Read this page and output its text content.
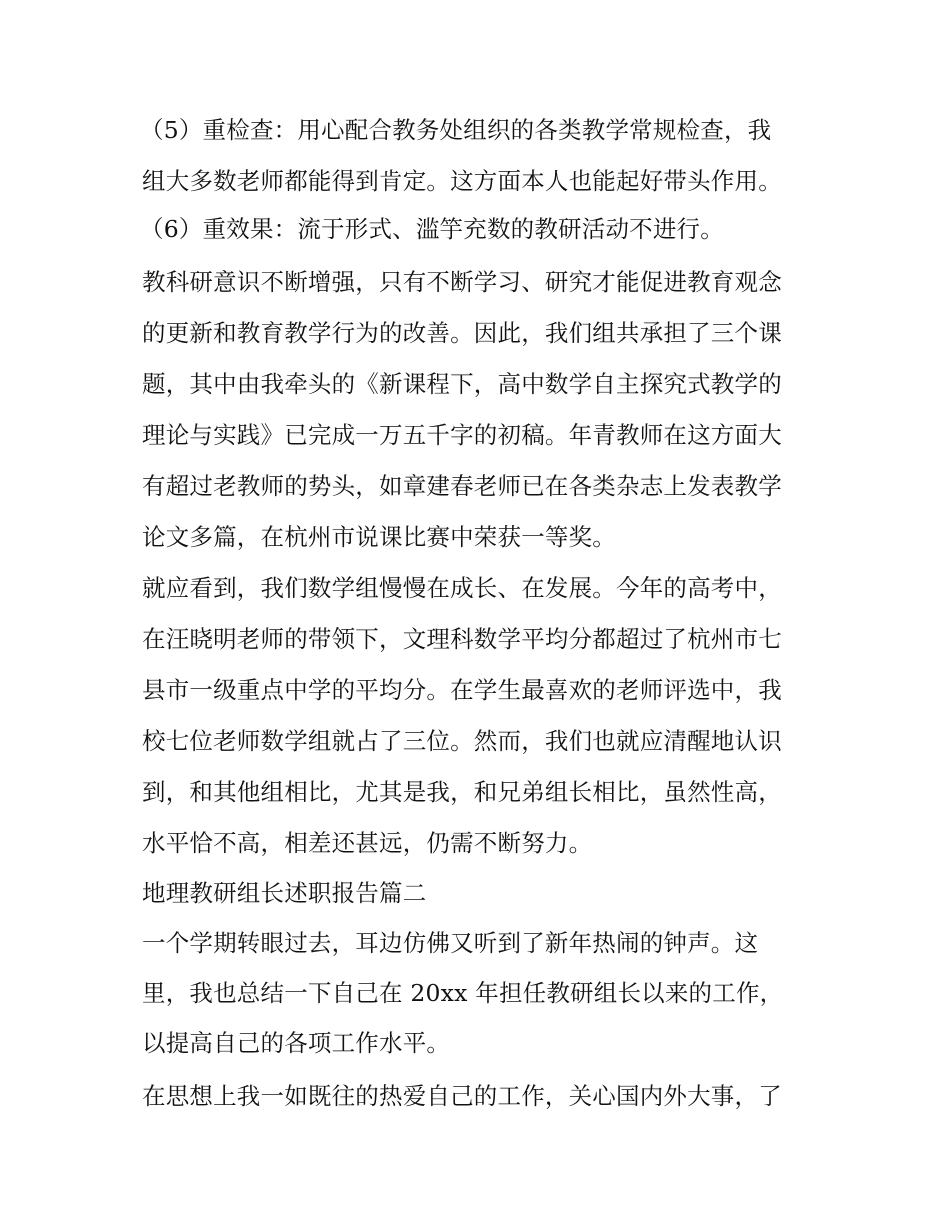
（5）重检查：用心配合教务处组织的各类教学常规检查，我
组大多数老师都能得到肯定。这方面本人也能起好带头作用。
（6）重效果：流于形式、滥竽充数的教研活动不进行。
教科研意识不断增强，只有不断学习、研究才能促进教育观念
的更新和教育教学行为的改善。因此，我们组共承担了三个课
题，其中由我牵头的《新课程下，高中数学自主探究式教学的
理论与实践》已完成一万五千字的初稿。年青教师在这方面大
有超过老教师的势头，如章建春老师已在各类杂志上发表教学
论文多篇，在杭州市说课比赛中荣获一等奖。
就应看到，我们数学组慢慢在成长、在发展。今年的高考中，
在汪晓明老师的带领下，文理科数学平均分都超过了杭州市七
县市一级重点中学的平均分。在学生最喜欢的老师评选中，我
校七位老师数学组就占了三位。然而，我们也就应清醒地认识
到，和其他组相比，尤其是我，和兄弟组长相比，虽然性高，
水平恰不高，相差还甚远，仍需不断努力。
地理教研组长述职报告篇二
一个学期转眼过去，耳边仿佛又听到了新年热闹的钟声。这
里，我也总结一下自己在 20xx 年担任教研组长以来的工作，
以提高自己的各项工作水平。
在思想上我一如既往的热爱自己的工作，关心国内外大事，了
